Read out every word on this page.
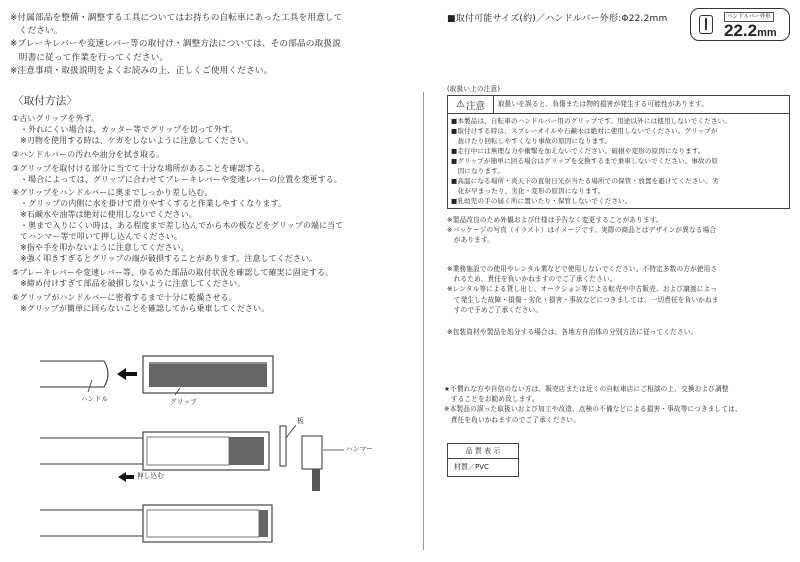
※付属部品を整備・調整する工具についてはお持ちの自転車にあった工具を用意して
　ください。
※ブレーキレバーや変速レバー等の取付け・調整方法については、その部品の取扱説
　明書に従って作業を行ってください。
※注意事項・取扱説明をよくお読みの上、正しくご使用ください。
■取付可能サイズ(約)／ハンドルバー外形:Φ22.2mm	ハンドルバー外形
22.2mm
〈取付方法〉
①古いグリップを外す。
　・外れにくい場合は、カッター等でグリップを切って外す。
　※刃物を使用する時は、ケガをしないように注意してください。
②ハンドルバーの汚れや油分を拭き取る。
③グリップを取付ける部分に当てて十分な場所があることを確認する。
　・場合によっては、グリップに合わせてブレーキレバーや変速レバーの位置を変更する。
④グリップをハンドルバーに奥までしっかり差し込む。
　・グリップの内側に水を掛けて滑りやすくすると作業しやすくなります。
　※石鹸水や油等は絶対に使用しないでください。
　・奥まで入りにくい時は、ある程度まで差し込んでから木の板などをグリップの端に当て
　てハンマー等で叩いて押し込んでください。
　※指や手を叩かないように注意してください。
　※強く叩きすぎるとグリップの端が破損することがあります。注意してください。
⑤ブレーキレバーや変速レバー等、ゆるめた部品の取付状況を確認して確実に固定する。
　※締め付けすぎて部品を破損しないように注意してください。
⑥グリップがハンドルバーに密着するまで十分に乾燥させる。
　※グリップが簡単に回らないことを確認してから乗車してください。
ハンドル	グリップ
板
ハンマー
押し込む
(取扱い上の注意)
⚠ 注意 取扱いを誤ると、負傷または物的損害が発生する可能性があります。
■本製品は、自転車のハンドルバー用のグリップです。用途以外には使用しないでください。
■取付けする時は、スプレーオイルや石鹸水は絶対に使用しないでください。グリップが
　抜けたり回転しやすくなり事故の原因になります。
■走行中には無理な力や衝撃を加えないでください。破損や変形の原因になります。
■グリップが簡単に回る場合はグリップを交換するまで乗車しないでください。事故の原
　因になります。
■高温になる場所・炎天下の直射日光が当たる場所での保管・放置を避けてください。劣
　化が早まったり、劣化・変形の原因になります。
■乳幼児の手の届く所に置いたり・保管しないでください。
※製品改良のため外観および仕様は予告なく変更することがあります。
※パッケージの写真（イラスト）はイメージです。実際の商品とはデザインが異なる場合
　があります。
※業務施設での使用やレンタル業などで使用しないでください。不特定多数の方が使用さ
　れるため、責任を負いかねますのでご了承ください。
※レンタル等による貸し出し、オークション等による転売や中古販売、および譲渡によっ
　て発生した故障・損傷・劣化・損害・事故などにつきましては、一切責任を負いかねま
　すので予めご了承ください。
※包装資材や製品を処分する場合は、各地方自治体の分別方法に従ってください。
★不慣れな方や自信のない方は、販売店または近くの自転車店にご相談の上、交換および調整
　することをお勧め致します。
※本製品の誤った取扱いおよび加工や改造、点検の不備などによる損害・事故等につきましては、
　責任を負いかねますのでご了承ください。
品 質 表 示
材質／PVC
